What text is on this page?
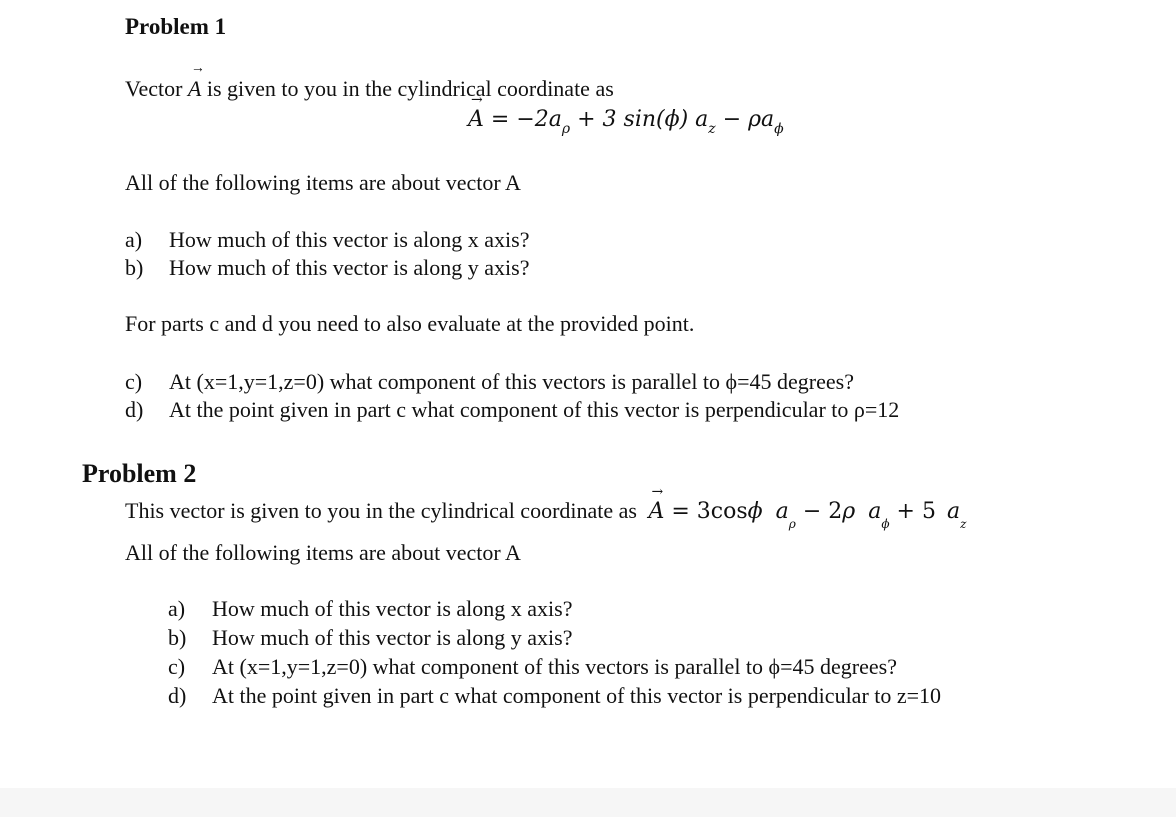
Problem 1
Vector → A is given to you in the cylindrical coordinate as
→ $A = -2a_\rho + 3$ sin(ϕ) $a_z - \rho a_\phi$
All of the following items are about vector A
a) How much of this vector is along x axis?
b) How much of this vector is along y axis?
For parts c and d you need to also evaluate at the provided point.
c) At (x=1,y=1,z=0) what component of this vectors is parallel to ϕ=45 degrees?
d) At the point given in part c what component of this vector is perpendicular to ρ=12
Problem 2
This vector is given to you in the cylindrical coordinate as → A = 3cosϕ $a_\rho - 2\rho$ $a_\phi + 5$ $a_z$
All of the following items are about vector A
a) How much of this vector is along x axis?
b) How much of this vector is along y axis?
c) At (x=1,y=1,z=0) what component of this vectors is parallel to ϕ=45 degrees?
d) At the point given in part c what component of this vector is perpendicular to z=10
